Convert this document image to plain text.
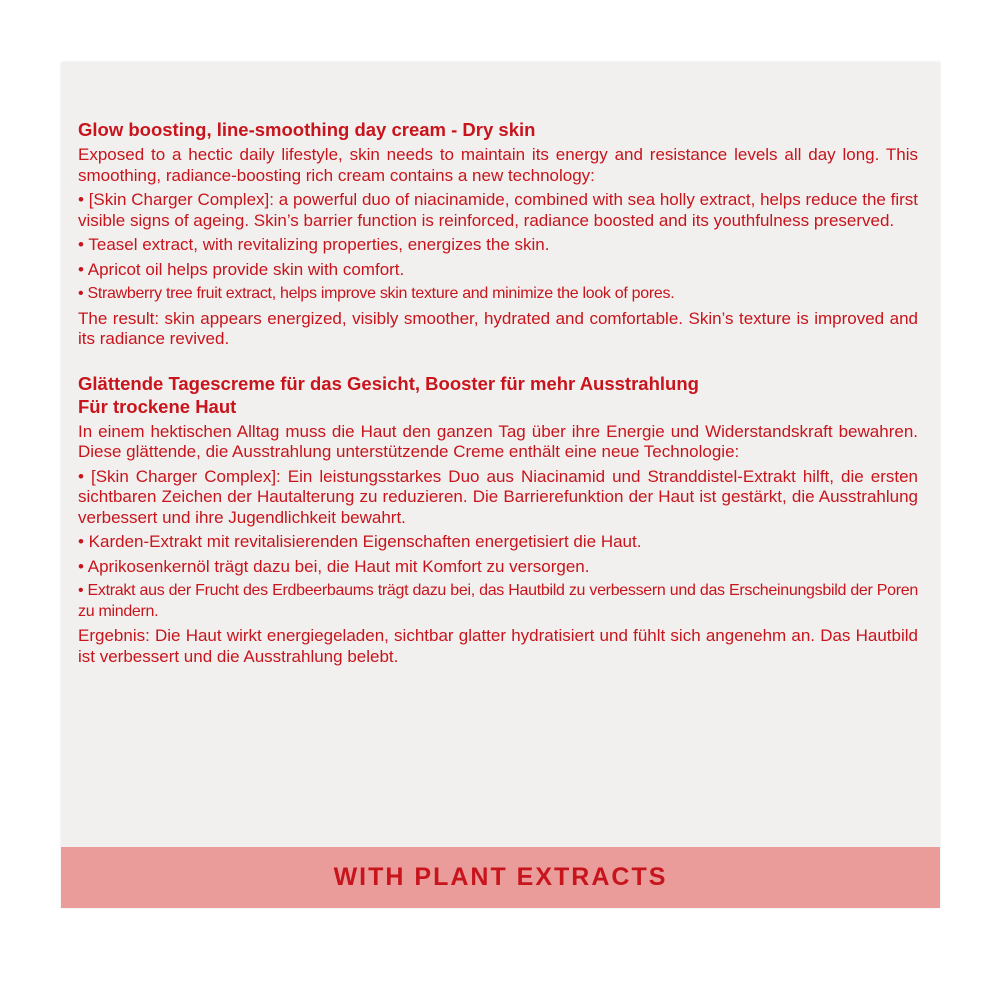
Glow boosting, line-smoothing day cream - Dry skin

Exposed to a hectic daily lifestyle, skin needs to maintain its energy and resistance levels all day long. This smoothing, radiance-boosting rich cream contains a new technology:

• [Skin Charger Complex]: a powerful duo of niacinamide, combined with sea holly extract, helps reduce the first visible signs of ageing. Skin’s barrier function is reinforced, radiance boosted and its youthfulness preserved.

• Teasel extract, with revitalizing properties, energizes the skin.

• Apricot oil helps provide skin with comfort.

• Strawberry tree fruit extract, helps improve skin texture and minimize the look of pores.

The result: skin appears energized, visibly smoother, hydrated and comfortable. Skin’s texture is improved and its radiance revived.

Glättende Tagescreme für das Gesicht, Booster für mehr Ausstrahlung
Für trockene Haut

In einem hektischen Alltag muss die Haut den ganzen Tag über ihre Energie und Widerstandskraft bewahren. Diese glättende, die Ausstrahlung unterstützende Creme enthält eine neue Technologie:

• [Skin Charger Complex]: Ein leistungsstarkes Duo aus Niacinamid und Stranddistel-Extrakt hilft, die ersten sichtbaren Zeichen der Hautalterung zu reduzieren. Die Barrierefunktion der Haut ist gestärkt, die Ausstrahlung verbessert und ihre Jugendlichkeit bewahrt.

• Karden-Extrakt mit revitalisierenden Eigenschaften energetisiert die Haut.

• Aprikosenkernöl trägt dazu bei, die Haut mit Komfort zu versorgen.

• Extrakt aus der Frucht des Erdbeerbaums trägt dazu bei, das Hautbild zu verbessern und das Erscheinungsbild der Poren zu mindern.

Ergebnis: Die Haut wirkt energiegeladen, sichtbar glatter hydratisiert und fühlt sich angenehm an. Das Hautbild ist verbessert und die Ausstrahlung belebt.

WITH PLANT EXTRACTS
